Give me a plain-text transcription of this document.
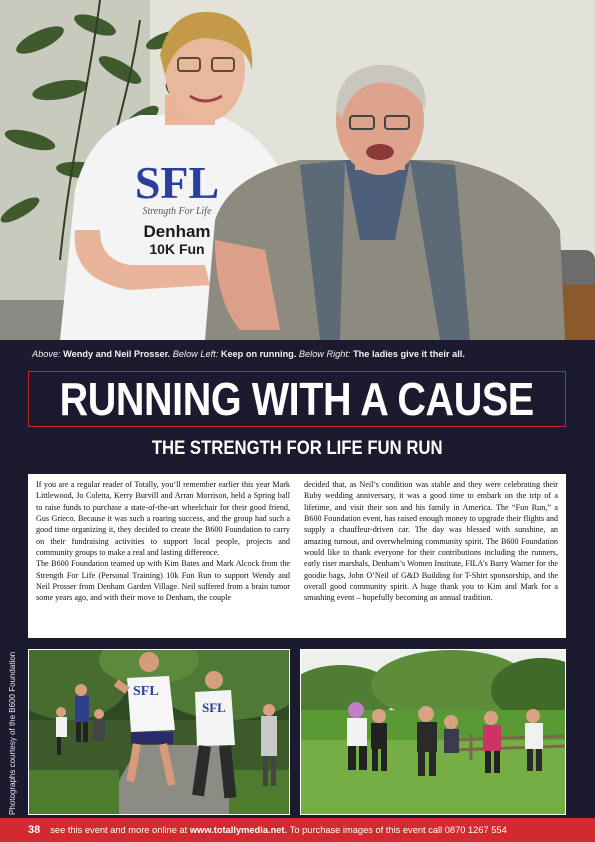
SFL
Strength For Life
Denham
10K Fun
Above: Wendy and Neil Prosser. Below Left: Keep on running. Below Right: The ladies give it their all.
RUNNING WITH A CAUSE
THE STRENGTH FOR LIFE FUN RUN

If you are a regular reader of Totally, you’ll remember earlier this year Mark Littlewood, Jo Coletta, Kerry Burvill and Arran Morrison, held a Spring ball to raise funds to purchase a state-of-the-art wheelchair for their good friend, Gus Grieco. Because it was such a roaring success, and the group had such a good time organizing it, they decided to create the B600 Foundation to carry on their fundraising activities to support local people, projects and community groups to make a real and lasting difference.

The B600 Foundation teamed up with Kim Bates and Mark Alcock from the Strength For Life (Personal Training) 10k Fun Run to support Wendy and Neil Prosser from Denham Garden Village. Neil suffered from a brain tumor some years ago, and with their move to Denham, the couple

decided that, as Neil’s condition was stable and they were celebrating their Ruby wedding anniversary, it was a good time to embark on the trip of a lifetime, and visit their son and his family in America. The “Fun Run,” a B600 Foundation event, has raised enough money to upgrade their flights and supply a chauffeur-driven car. The day was blessed with sunshine, an amazing turnout, and overwhelming community spirit. The B600 Foundation would like to thank everyone for their contributions including the runners, early riser marshals, Denham’s Women Institute, FILA’s Barry Warner for the goodie bags, John O’Neil of G&D Building for T-Shirt sponsorship, and the overall good community spirit. A huge thank you to Kim and Mark for a smashing event – hopefully becoming an annual tradition.

Photographs courtesy of the B600 Foundation	SFL
SFL
38 see this event and more online at
www.totallymedia.net.
To purchase images of this event call 0870 1267 554
